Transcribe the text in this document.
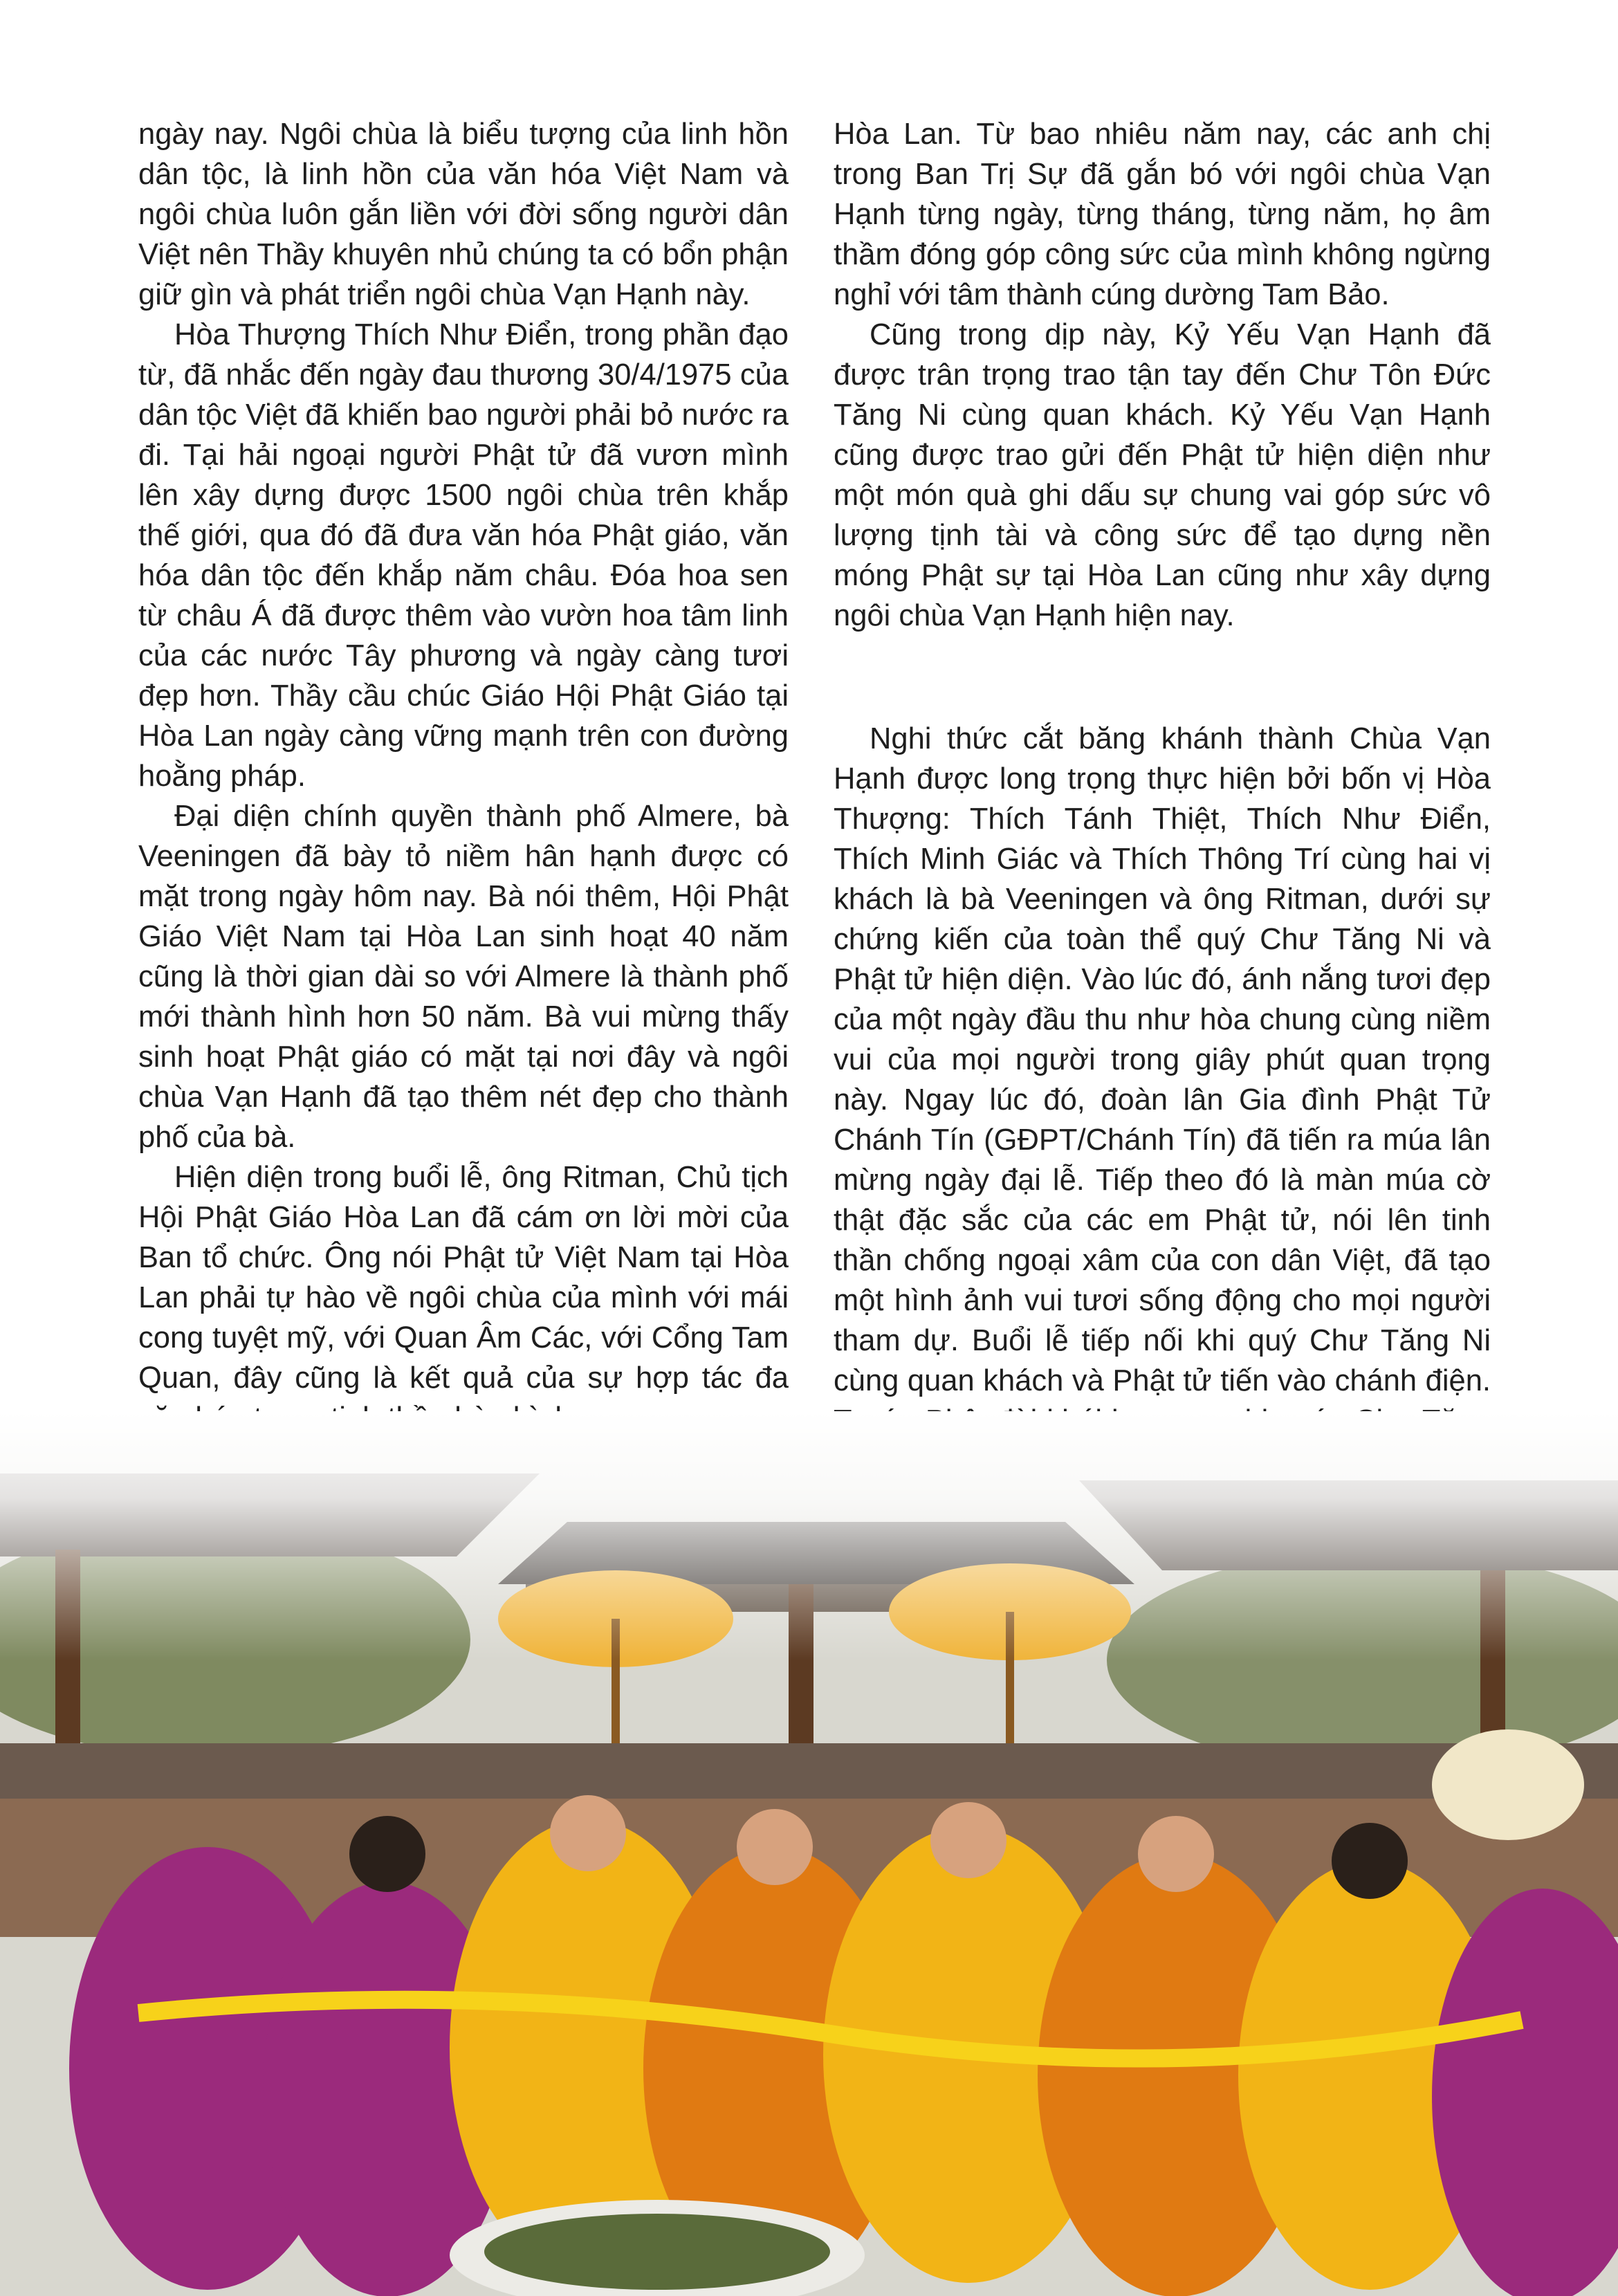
ngày nay. Ngôi chùa là biểu tượng của linh hồn dân tộc, là linh hồn của văn hóa Việt Nam và ngôi chùa luôn gắn liền với đời sống người dân Việt nên Thầy khuyên nhủ chúng ta có bổn phận giữ gìn và phát triển ngôi chùa Vạn Hạnh này.

Hòa Thượng Thích Như Điển, trong phần đạo từ, đã nhắc đến ngày đau thương 30/4/1975 của dân tộc Việt đã khiến bao người phải bỏ nước ra đi. Tại hải ngoại người Phật tử đã vươn mình lên xây dựng được 1500 ngôi chùa trên khắp thế giới, qua đó đã đưa văn hóa Phật giáo, văn hóa dân tộc đến khắp năm châu. Đóa hoa sen từ châu Á đã được thêm vào vườn hoa tâm linh của các nước Tây phương và ngày càng tươi đẹp hơn. Thầy cầu chúc Giáo Hội Phật Giáo tại Hòa Lan ngày càng vững mạnh trên con đường hoằng pháp.

Đại diện chính quyền thành phố Almere, bà Veeningen đã bày tỏ niềm hân hạnh được có mặt trong ngày hôm nay. Bà nói thêm, Hội Phật Giáo Việt Nam tại Hòa Lan sinh hoạt 40 năm cũng là thời gian dài so với Almere là thành phố mới thành hình hơn 50 năm. Bà vui mừng thấy sinh hoạt Phật giáo có mặt tại nơi đây và ngôi chùa Vạn Hạnh đã tạo thêm nét đẹp cho thành phố của bà.

Hiện diện trong buổi lễ, ông Ritman, Chủ tịch Hội Phật Giáo Hòa Lan đã cám ơn lời mời của Ban tổ chức. Ông nói Phật tử Việt Nam tại Hòa Lan phải tự hào về ngôi chùa của mình với mái cong tuyệt mỹ, với Quan Âm Các, với Cổng Tam Quan, đây cũng là kết quả của sự hợp tác đa

Hòa Lan. Từ bao nhiêu năm nay, các anh chị trong Ban Trị Sự đã gắn bó với ngôi chùa Vạn Hạnh từng ngày, từng tháng, từng năm, họ âm thầm đóng góp công sức của mình không ngừng nghỉ với tâm thành cúng dường Tam Bảo.

Cũng trong dịp này, Kỷ Yếu Vạn Hạnh đã được trân trọng trao tận tay đến Chư Tôn Đức Tăng Ni cùng quan khách. Kỷ Yếu Vạn Hạnh cũng được trao gửi đến Phật tử hiện diện như một món quà ghi dấu sự chung vai góp sức vô lượng tịnh tài và công sức để tạo dựng nền móng Phật sự tại Hòa Lan cũng như xây dựng ngôi chùa Vạn Hạnh hiện nay.

Nghi thức cắt băng khánh thành Chùa Vạn Hạnh được long trọng thực hiện bởi bốn vị Hòa Thượng: Thích Tánh Thiệt, Thích Như Điển, Thích Minh Giác và Thích Thông Trí cùng hai vị khách là bà Veeningen và ông Ritman, dưới sự chứng kiến của toàn thể quý Chư Tăng Ni và Phật tử hiện diện. Vào lúc đó, ánh nắng tươi đẹp của một ngày đầu thu như hòa chung cùng niềm vui của mọi người trong giây phút quan trọng này. Ngay lúc đó, đoàn lân Gia đình Phật Tử Chánh Tín (GĐPT/Chánh Tín) đã tiến ra múa lân mừng ngày đại lễ. Tiếp theo đó là màn múa cờ thật đặc sắc của các em Phật tử, nói lên tinh thần chống ngoại xâm của con dân Việt, đã tạo một hình ảnh vui tươi sống động cho mọi người tham dự. Buổi lễ tiếp nối khi quý Chư Tăng Ni cùng quan khách và Phật tử tiến vào chánh điện.
